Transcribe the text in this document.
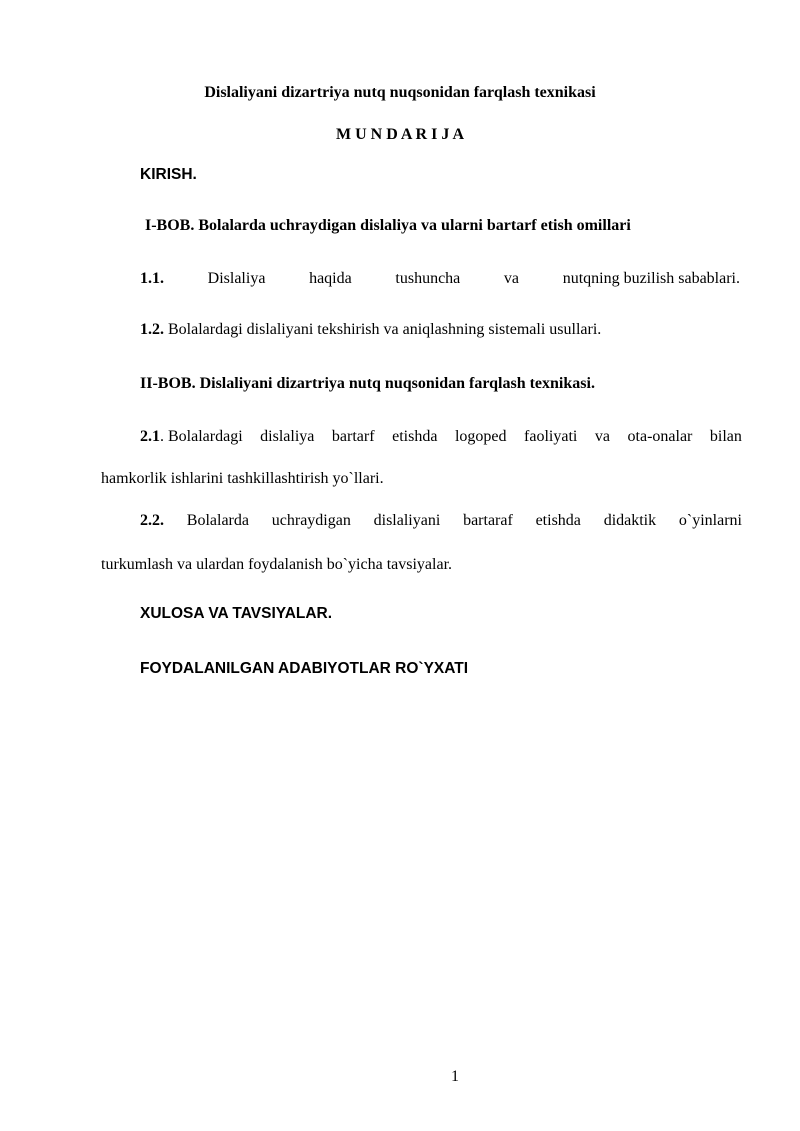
Dislaliyani dizartriya nutq nuqsonidan farqlash texnikasi
M U N D A R I J A
KIRISH.
I-BOB. Bolalarda uchraydigan dislaliya va ularni bartarf etish omillari
1.1.	Dislaliya	haqida	tushuncha	va	nutqning buzilish sabablari.
1.2. Bolalardagi dislaliyani tekshirish va aniqlashning sistemali usullari.
II-BOB. Dislaliyani dizartriya nutq nuqsonidan farqlash texnikasi.
2.1. Bolalardagi dislaliya bartarf etishda logoped faoliyati va ota-onalar bilan
hamkorlik ishlarini tashkillashtirish yo`llari.
2.2. Bolalarda uchraydigan dislaliyani bartaraf etishda didaktik o`yinlarni
turkumlash va ulardan foydalanish bo`yicha tavsiyalar.
XULOSA VA TAVSIYALAR.
FOYDALANILGAN ADABIYOTLAR RO`YXATI
1
